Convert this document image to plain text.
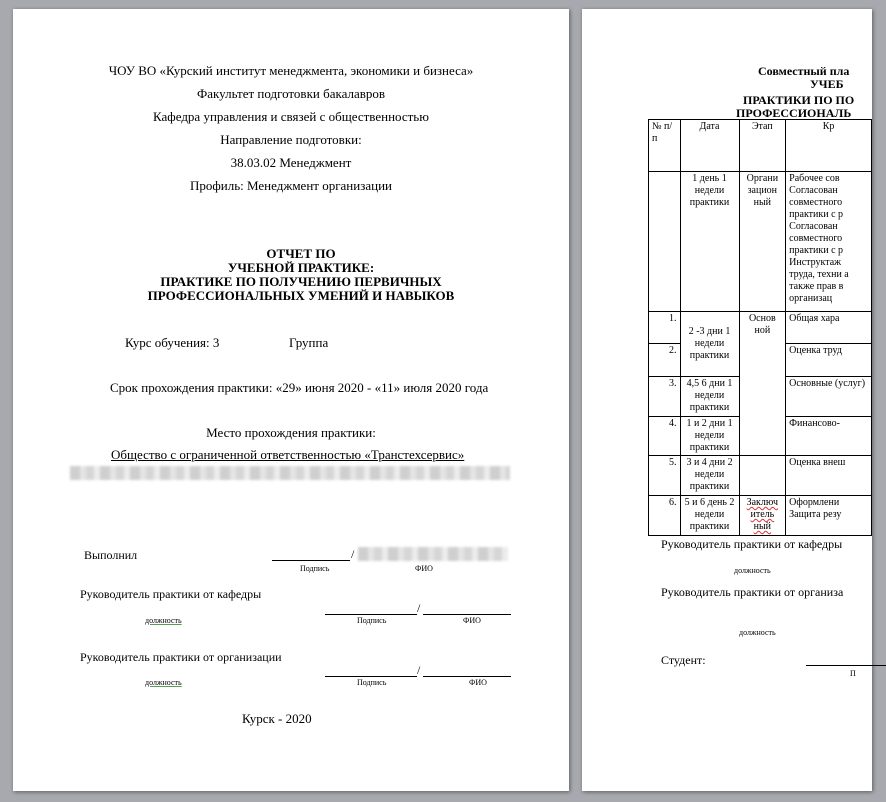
ЧОУ ВО «Курский институт менеджмента, экономики и бизнеса»
Факультет подготовки бакалавров
Кафедра управления и связей с общественностью
Направление подготовки:
38.03.02 Менеджмент
Профиль: Менеджмент организации
ОТЧЕТ ПО
УЧЕБНОЙ ПРАКТИКЕ:
ПРАКТИКЕ ПО ПОЛУЧЕНИЮ ПЕРВИЧНЫХ
ПРОФЕССИОНАЛЬНЫХ УМЕНИЙ И НАВЫКОВ
Курс обучения: 3	Группа
Срок прохождения практики: «29» июня 2020 - «11» июля 2020 года
Место прохождения практики:
Общество с ограниченной ответственностью «Транстехсервис»
Выполнил	/
Подпись	ФИО
Руководитель практики от кафедры
/
должность	Подпись	ФИО
Руководитель практики от организации
/
должность	Подпись	ФИО
Курск - 2020
Совместный пла
УЧЕБ
ПРАКТИКИ ПО ПО
ПРОФЕССИОНАЛЬ
№ п/п	Дата	Этап	Кр
	1 день 1 недели практики	Органи зацион ный	Рабочее сов Согласован совместного практики с р Согласован совместного практики с р Инструктаж труда, техни а также прав в организац
1.	2 -3 дни 1 недели практики	Основ ной	Общая хара
2.			Оценка труд
3.	4,5 6 дни 1 недели практики		Основные (услуг)
4.	1 и 2 дни 1 недели практики		Финансово-
5.	3 и 4 дни 2 недели практики		Оценка внеш
6.	5 и 6 день 2 недели практики	Заключ итель ный	Оформлени Защита резу
Руководитель практики от кафедры
должность
Руководитель практики от организа
должность
Студент:
П
